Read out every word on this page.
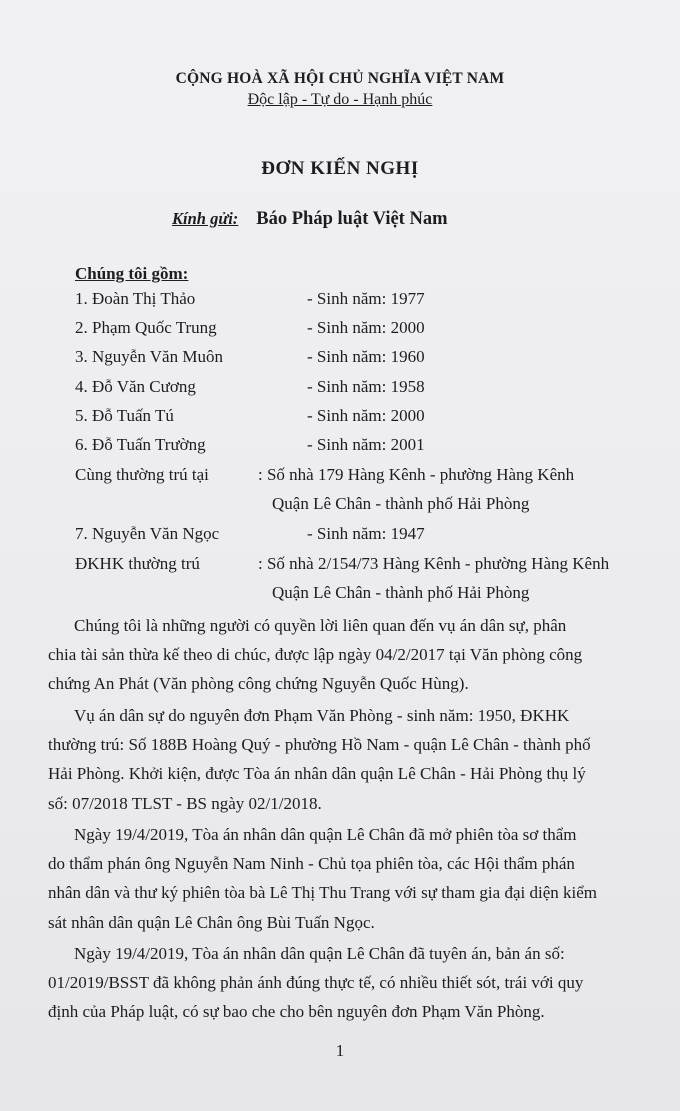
CỘNG HOÀ XÃ HỘI CHỦ NGHĨA VIỆT NAM
Độc lập - Tự do - Hạnh phúc
ĐƠN KIẾN NGHỊ
Kính gửi: Báo Pháp luật Việt Nam
Chúng tôi gồm:
1. Đoàn Thị Thảo	- Sinh năm: 1977
2. Phạm Quốc Trung	- Sinh năm: 2000
3. Nguyễn Văn Muôn	- Sinh năm: 1960
4. Đỗ Văn Cương	- Sinh năm: 1958
5. Đỗ Tuấn Tú	- Sinh năm: 2000
6. Đỗ Tuấn Trường	- Sinh năm: 2001
Cùng thường trú tại	: Số nhà 179 Hàng Kênh - phường Hàng Kênh
Quận Lê Chân - thành phố Hải Phòng
7. Nguyễn Văn Ngọc	- Sinh năm: 1947
ĐKHK thường trú	: Số nhà 2/154/73 Hàng Kênh - phường Hàng Kênh
Quận Lê Chân - thành phố Hải Phòng
Chúng tôi là những người có quyền lời liên quan đến vụ án dân sự, phân
chia tài sản thừa kế theo di chúc, được lập ngày 04/2/2017 tại Văn phòng công
chứng An Phát (Văn phòng công chứng Nguyễn Quốc Hùng).
Vụ án dân sự do nguyên đơn Phạm Văn Phòng - sinh năm: 1950, ĐKHK
thường trú: Số 188B Hoàng Quý - phường Hồ Nam - quận Lê Chân - thành phố
Hải Phòng. Khởi kiện, được Tòa án nhân dân quận Lê Chân - Hải Phòng thụ lý
số: 07/2018 TLST - BS ngày 02/1/2018.
Ngày 19/4/2019, Tòa án nhân dân quận Lê Chân đã mở phiên tòa sơ thẩm
do thẩm phán ông Nguyễn Nam Ninh - Chủ tọa phiên tòa, các Hội thẩm phán
nhân dân và thư ký phiên tòa bà Lê Thị Thu Trang với sự tham gia đại diện kiểm
sát nhân dân quận Lê Chân ông Bùi Tuấn Ngọc.
Ngày 19/4/2019, Tòa án nhân dân quận Lê Chân đã tuyên án, bản án số:
01/2019/BSST đã không phản ánh đúng thực tế, có nhiều thiết sót, trái với quy
định của Pháp luật, có sự bao che cho bên nguyên đơn Phạm Văn Phòng.
1
